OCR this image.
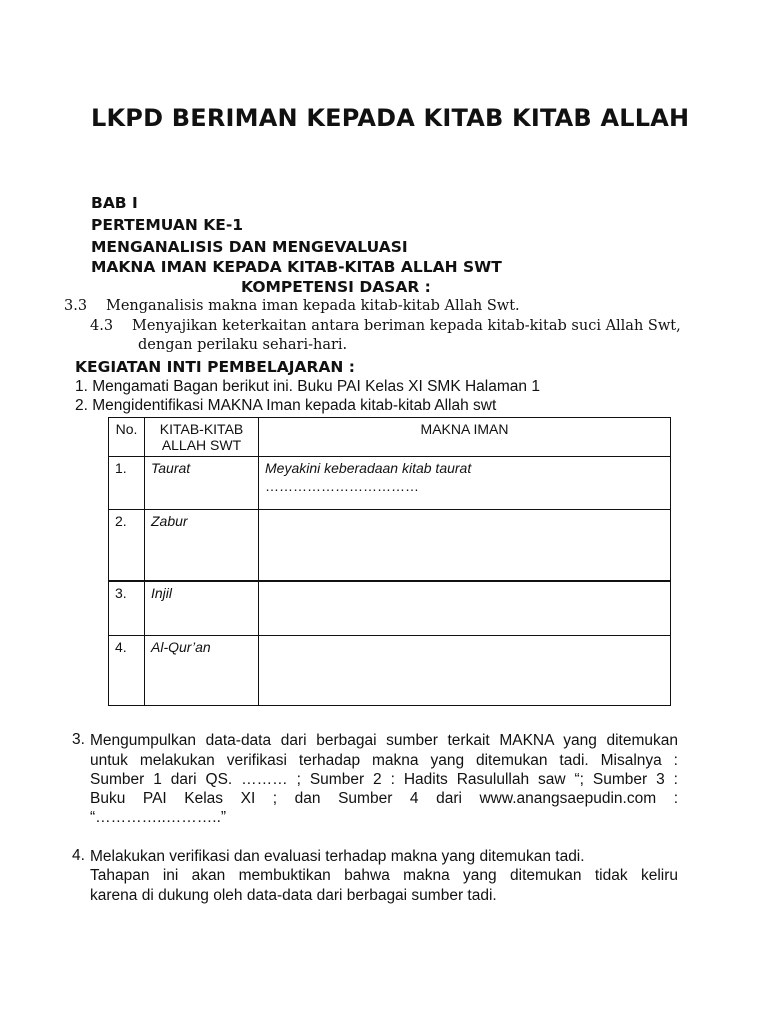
LKPD BERIMAN KEPADA KITAB KITAB ALLAH
BAB I
PERTEMUAN KE-1
MENGANALISIS DAN MENGEVALUASI
MAKNA IMAN KEPADA KITAB-KITAB ALLAH SWT
KOMPETENSI DASAR :
3.3 Menganalisis makna iman kepada kitab-kitab Allah Swt.
4.3 Menyajikan keterkaitan antara beriman kepada kitab-kitab suci Allah Swt,
dengan perilaku sehari-hari.
KEGIATAN INTI PEMBELAJARAN :
1. Mengamati Bagan berikut ini. Buku PAI Kelas XI SMK Halaman 1
2. Mengidentifikasi MAKNA Iman kepada kitab-kitab Allah swt
No.	KITAB-KITAB ALLAH SWT	MAKNA IMAN
1.	Taurat	Meyakini keberadaan kitab taurat
……………………………

2.	Zabur	
3.	Injil	
4.	Al-Qur’an	
3. Mengumpulkan data-data dari berbagai sumber terkait MAKNA yang ditemukan
untuk melakukan verifikasi terhadap makna yang ditemukan tadi. Misalnya :
Sumber 1 dari QS. ……… ; Sumber 2 : Hadits Rasulullah saw “; Sumber 3 :
Buku PAI Kelas XI ; dan Sumber 4 dari www.anangsaepudin.com :
“…………..………..”
4. Melakukan verifikasi dan evaluasi terhadap makna yang ditemukan tadi.
Tahapan ini akan membuktikan bahwa makna yang ditemukan tidak keliru
karena di dukung oleh data-data dari berbagai sumber tadi.
